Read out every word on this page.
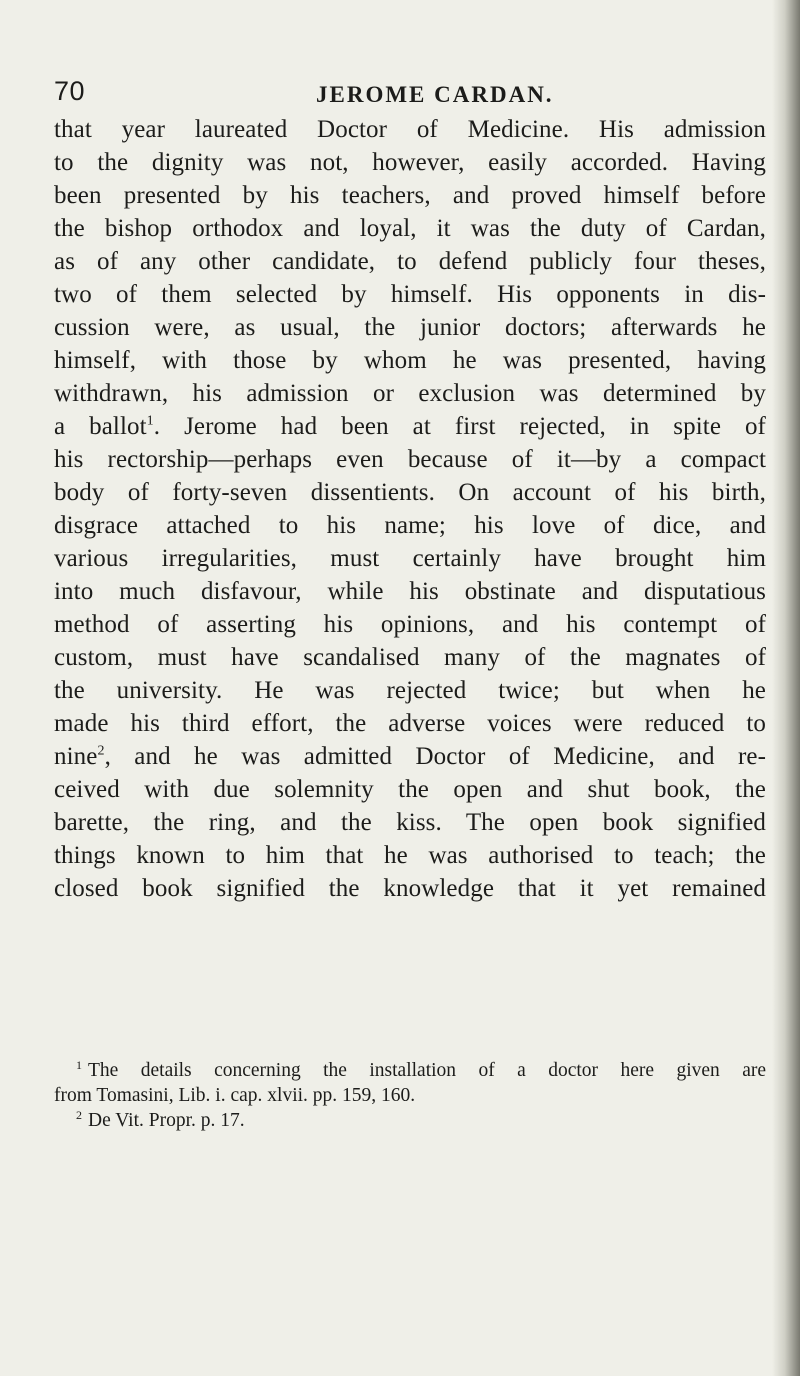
70	JEROME CARDAN.
that year laureated Doctor of Medicine. His admission
to the dignity was not, however, easily accorded. Having
been presented by his teachers, and proved himself before
the bishop orthodox and loyal, it was the duty of Cardan,
as of any other candidate, to defend publicly four theses,
two of them selected by himself. His opponents in dis-
cussion were, as usual, the junior doctors; afterwards he
himself, with those by whom he was presented, having
withdrawn, his admission or exclusion was determined by
a ballot$^1$. Jerome had been at first rejected, in spite of
his rectorship—perhaps even because of it—by a compact
body of forty-seven dissentients. On account of his birth,
disgrace attached to his name; his love of dice, and
various irregularities, must certainly have brought him
into much disfavour, while his obstinate and disputatious
method of asserting his opinions, and his contempt of
custom, must have scandalised many of the magnates of
the university. He was rejected twice; but when he
made his third effort, the adverse voices were reduced to
nine$^2$, and he was admitted Doctor of Medicine, and re-
ceived with due solemnity the open and shut book, the
barette, the ring, and the kiss. The open book signified
things known to him that he was authorised to teach; the
closed book signified the knowledge that it yet remained
$^1$ The details concerning the installation of a doctor here given are
from Tomasini, Lib. i. cap. xlvii. pp. 159, 160.
$^2$ De Vit. Propr. p. 17.
